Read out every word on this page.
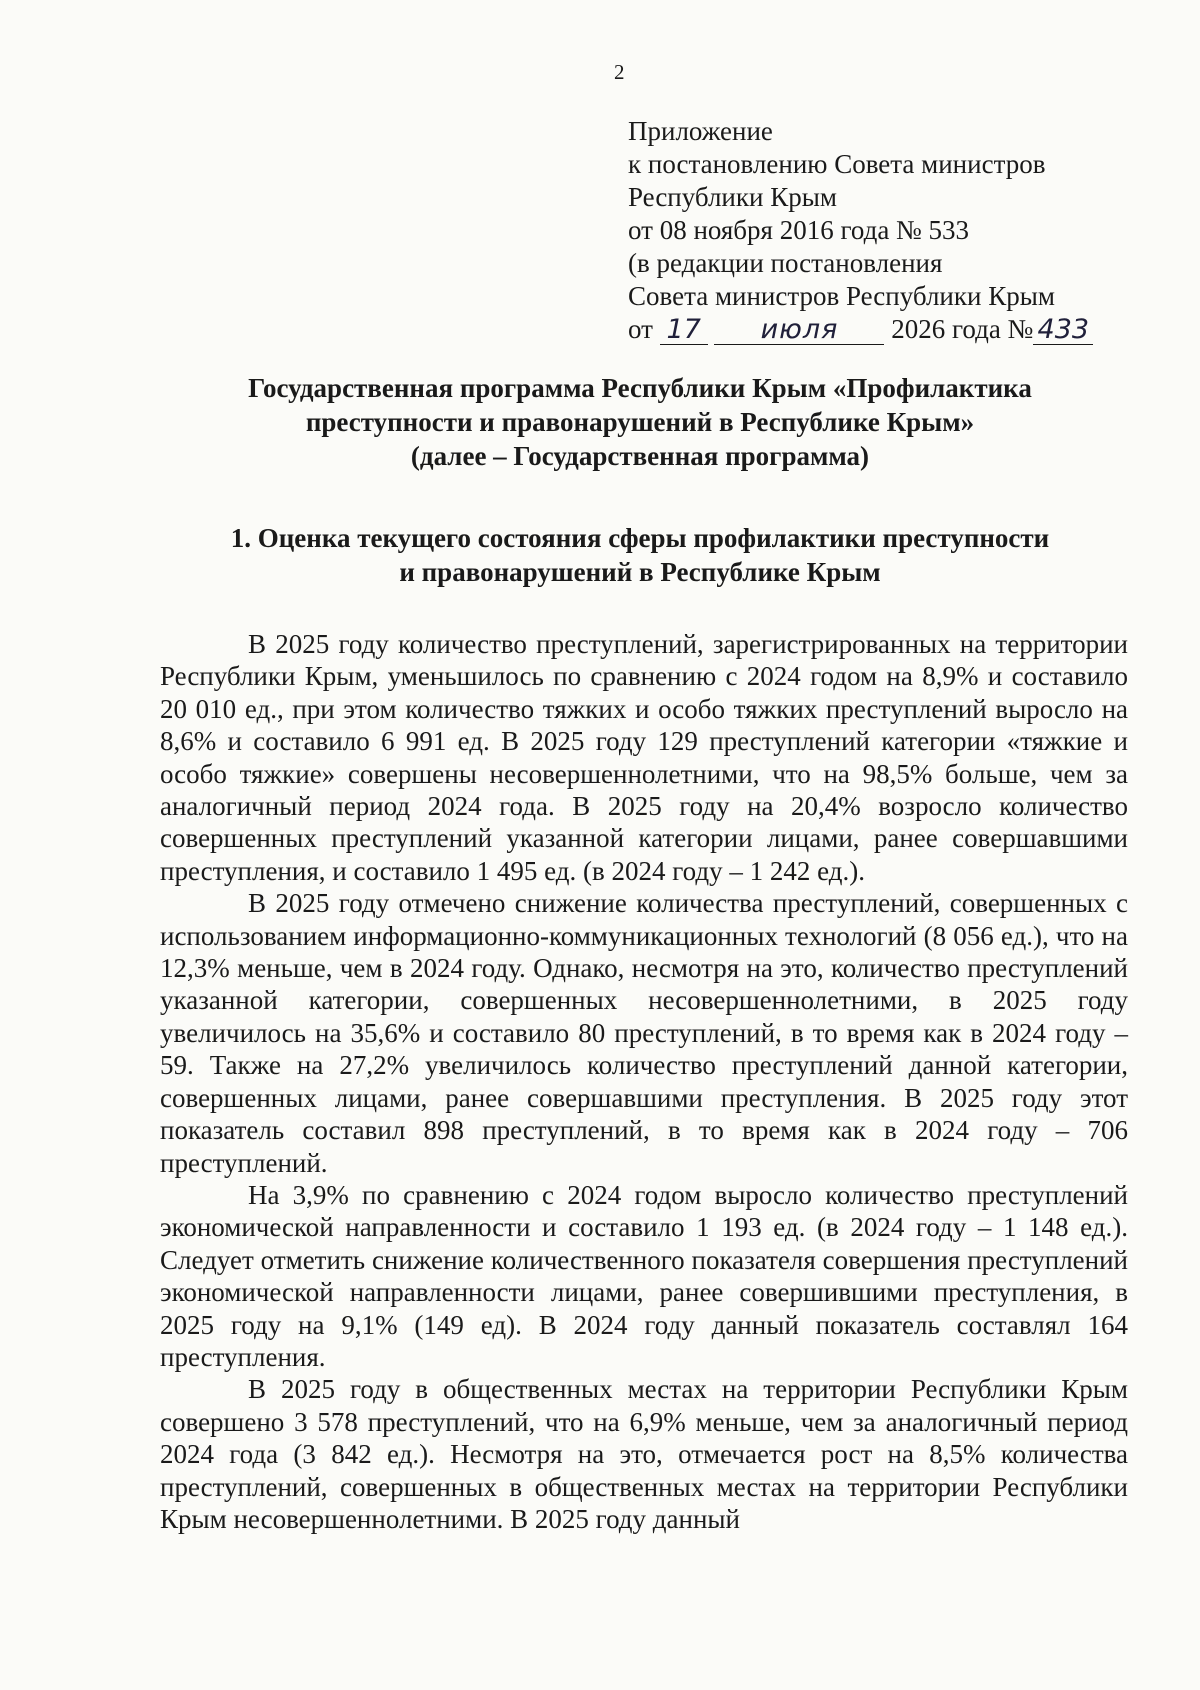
2
Приложение
к постановлению Совета министров
Республики Крым
от 08 ноября 2016 года № 533
(в редакции постановления
Совета министров Республики Крым
от 17 июля 2026 года № 433
Государственная программа Республики Крым «Профилактика
преступности и правонарушений в Республике Крым»
(далее – Государственная программа)
1. Оценка текущего состояния сферы профилактики преступности
и правонарушений в Республике Крым

В 2025 году количество преступлений, зарегистрированных на территории Республики Крым, уменьшилось по сравнению с 2024 годом на 8,9% и составило 20 010 ед., при этом количество тяжких и особо тяжких преступлений выросло на 8,6% и составило 6 991 ед. В 2025 году 129 преступлений категории «тяжкие и особо тяжкие» совершены несовершеннолетними, что на 98,5% больше, чем за аналогичный период 2024 года. В 2025 году на 20,4% возросло количество совершенных преступлений указанной категории лицами, ранее совершавшими преступления, и составило 1 495 ед. (в 2024 году – 1 242 ед.).

В 2025 году отмечено снижение количества преступлений, совершенных с использованием информационно-коммуникационных технологий (8 056 ед.), что на 12,3% меньше, чем в 2024 году. Однако, несмотря на это, количество преступлений указанной категории, совершенных несовершеннолетними, в 2025 году увеличилось на 35,6% и составило 80 преступлений, в то время как в 2024 году – 59. Также на 27,2% увеличилось количество преступлений данной категории, совершенных лицами, ранее совершавшими преступления. В 2025 году этот показатель составил 898 преступлений, в то время как в 2024 году – 706 преступлений.

На 3,9% по сравнению с 2024 годом выросло количество преступлений экономической направленности и составило 1 193 ед. (в 2024 году – 1 148 ед.). Следует отметить снижение количественного показателя совершения преступлений экономической направленности лицами, ранее совершившими преступления, в 2025 году на 9,1% (149 ед). В 2024 году данный показатель составлял 164 преступления.

В 2025 году в общественных местах на территории Республики Крым совершено 3 578 преступлений, что на 6,9% меньше, чем за аналогичный период 2024 года (3 842 ед.). Несмотря на это, отмечается рост на 8,5% количества преступлений, совершенных в общественных местах на территории Республики Крым несовершеннолетними. В 2025 году данный
